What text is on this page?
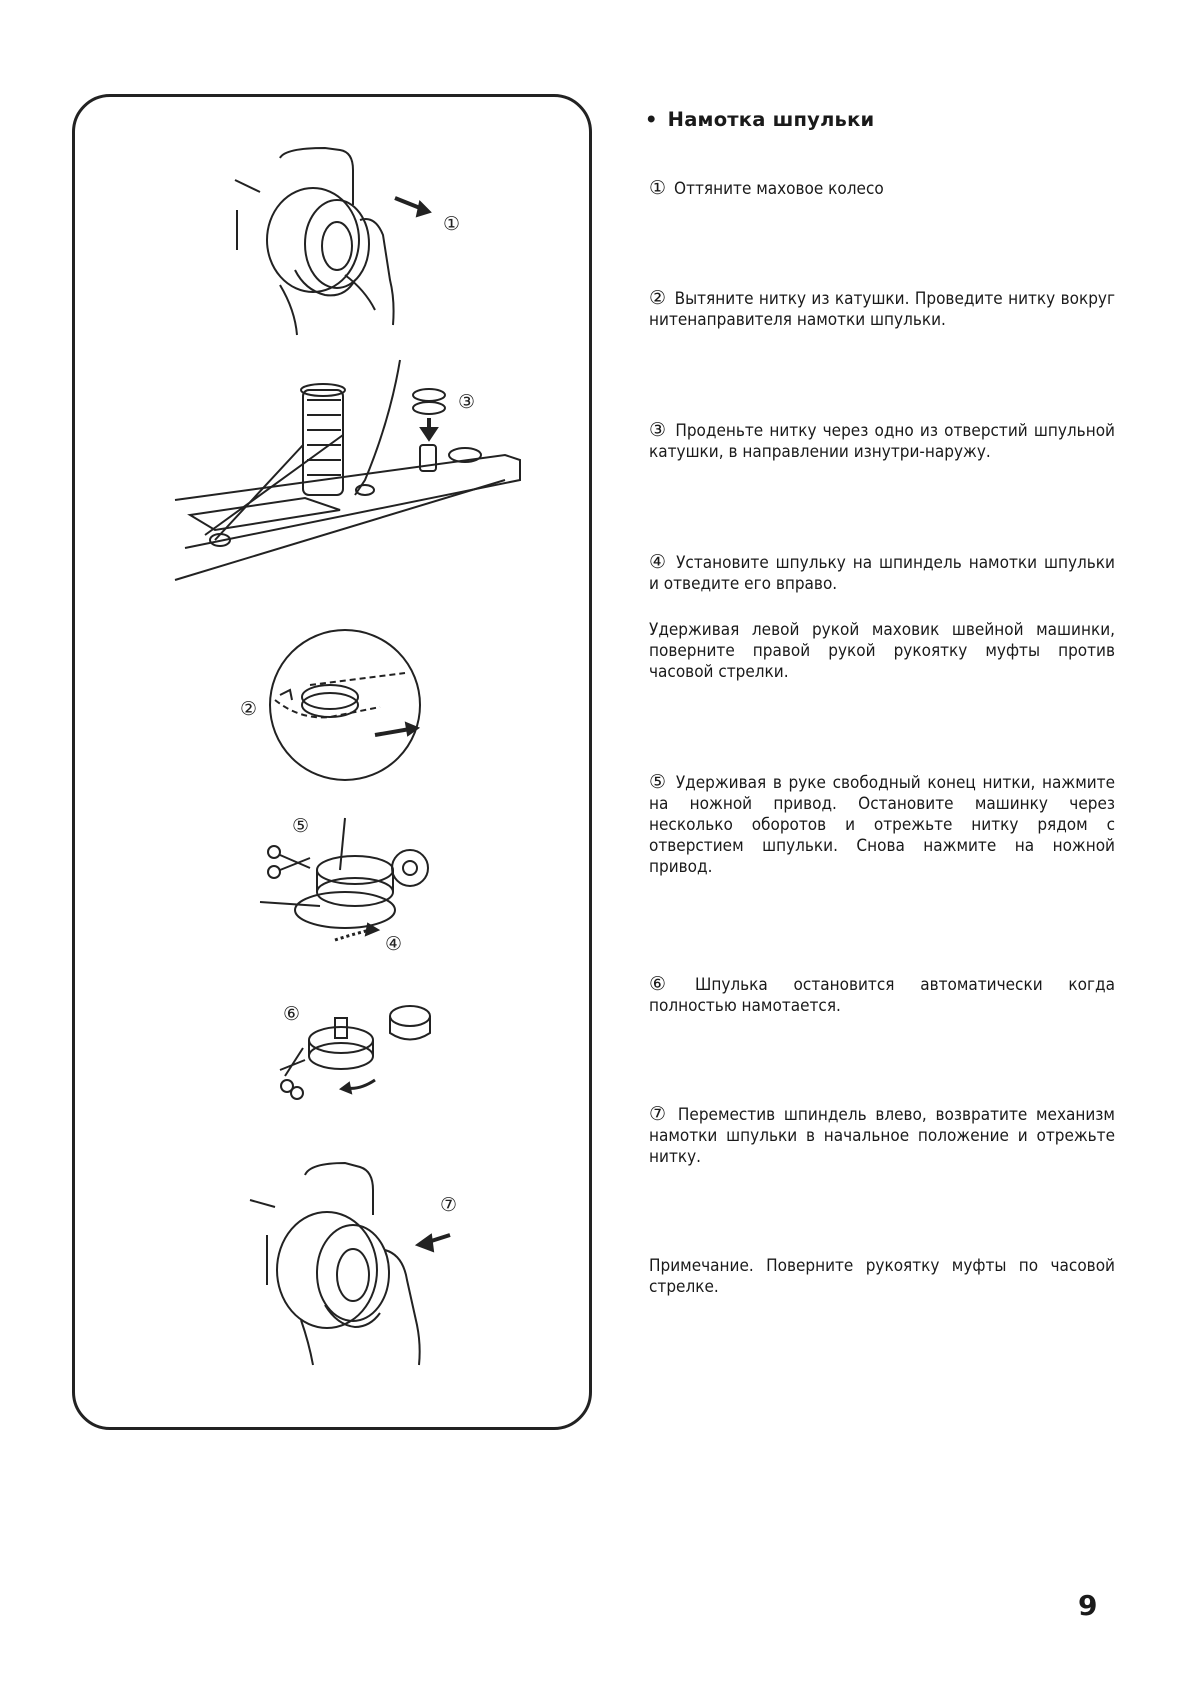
①
③
②
⑤
④
⑥
⑦
• Намотка шпульки
① Оттяните маховое колесо
② Вытяните нитку из катушки. Проведите нитку вокруг нитенаправителя намотки шпульки.
③ Проденьте нитку через одно из отверстий шпульной катушки, в направлении изнутри-наружу.
④ Установите шпульку на шпиндель намотки шпульки и отведите его вправо.
Удерживая левой рукой маховик швейной машинки, поверните правой рукой рукоятку муфты против часовой стрелки.
⑤ Удерживая в руке свободный конец нитки, нажмите на ножной привод. Остановите машинку через несколько оборотов и отрежьте нитку рядом с отверстием шпульки. Снова нажмите на ножной привод.
⑥ Шпулька остановится автоматически когда полностью намотается.
⑦ Переместив шпиндель влево, возвратите механизм намотки шпульки в начальное положение и отрежьте нитку.
Примечание. Поверните рукоятку муфты по часовой стрелке.
9
